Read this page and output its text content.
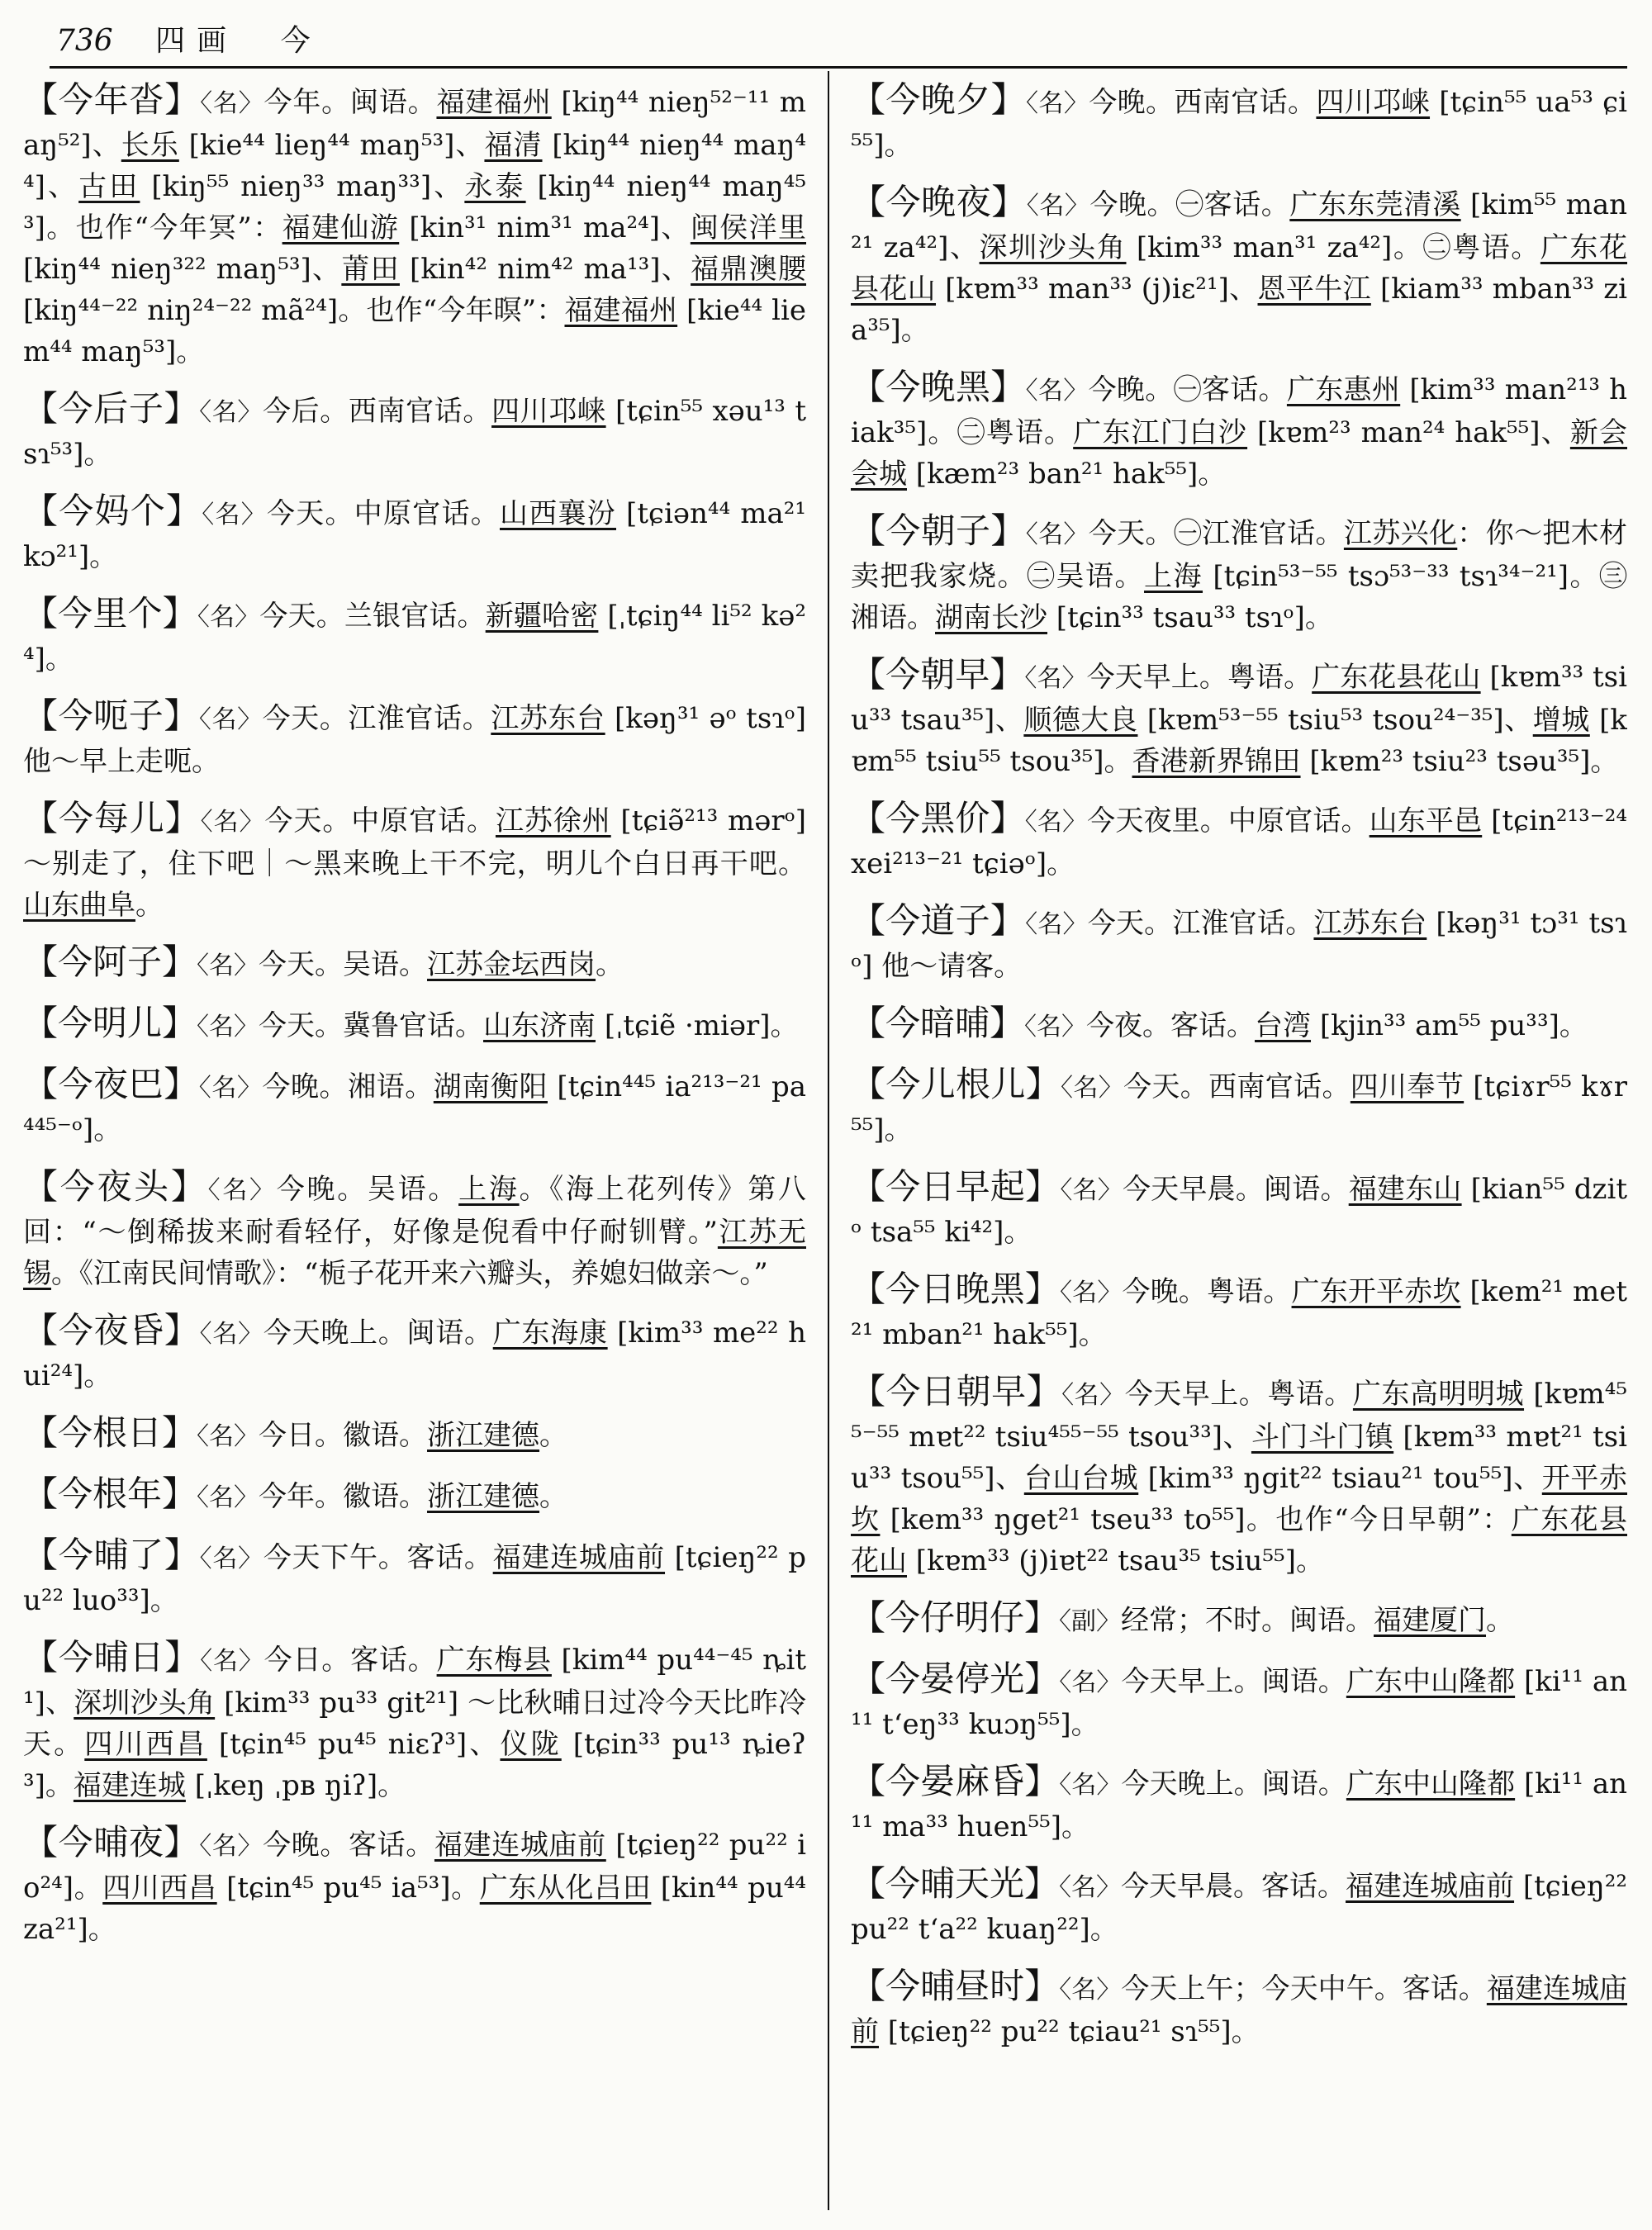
736 四画 今
【今年沓】〈名〉今年。闽语。福建福州 [kiŋ⁴⁴ nieŋ⁵²⁻¹¹ maŋ⁵²]、长乐 [kie⁴⁴ lieŋ⁴⁴ maŋ⁵³]、福清 [kiŋ⁴⁴ nieŋ⁴⁴ maŋ⁴⁴]、古田 [kiŋ⁵⁵ nieŋ³³ maŋ³³]、永泰 [kiŋ⁴⁴ nieŋ⁴⁴ maŋ⁴⁵³]。也作“今年冥”：福建仙游 [kin³¹ nim³¹ ma²⁴]、闽侯洋里 [kiŋ⁴⁴ nieŋ³²² maŋ⁵³]、莆田 [kin⁴² nim⁴² ma¹³]、福鼎澳腰 [kiŋ⁴⁴⁻²² niŋ²⁴⁻²² mã²⁴]。也作“今年暝”：福建福州 [kie⁴⁴ liem⁴⁴ maŋ⁵³]。
【今后子】〈名〉今后。西南官话。四川邛崃 [tɕin⁵⁵ xəu¹³ tsɿ⁵³]。
【今妈个】〈名〉今天。中原官话。山西襄汾 [tɕiən⁴⁴ ma²¹ kɔ²¹]。
【今里个】〈名〉今天。兰银官话。新疆哈密 [ˌtɕiŋ⁴⁴ li⁵² kə²⁴]。
【今呃子】〈名〉今天。江淮官话。江苏东台 [kəŋ³¹ əᵒ tsɿᵒ]他～早上走呃。
【今每儿】〈名〉今天。中原官话。江苏徐州 [tɕiə̃²¹³ mərᵒ] ～别走了，住下吧｜～黑来晚上干不完，明儿个白日再干吧。山东曲阜。
【今阿子】〈名〉今天。吴语。江苏金坛西岗。
【今明儿】〈名〉今天。冀鲁官话。山东济南 [ˌtɕiẽ ·miər]。
【今夜巴】〈名〉今晚。湘语。湖南衡阳 [tɕin⁴⁴⁵ ia²¹³⁻²¹ pa⁴⁴⁵⁻ᵒ]。
【今夜头】〈名〉今晚。吴语。上海。《海上花列传》第八回：“～倒稀拔来耐看轻仔，好像是倪看中仔耐钏臂。”江苏无锡。《江南民间情歌》：“栀子花开来六瓣头，养媳妇做亲～。”
【今夜昏】〈名〉今天晚上。闽语。广东海康 [kim³³ me²² hui²⁴]。
【今根日】〈名〉今日。徽语。浙江建德。
【今根年】〈名〉今年。徽语。浙江建德。
【今晡了】〈名〉今天下午。客话。福建连城庙前 [tɕieŋ²² pu²² luo³³]。
【今晡日】〈名〉今日。客话。广东梅县 [kim⁴⁴ pu⁴⁴⁻⁴⁵ ȵit¹]、深圳沙头角 [kim³³ pu³³ git²¹] ～比秋晡日过冷今天比昨冷天。四川西昌 [tɕin⁴⁵ pu⁴⁵ niɛʔ³]、仪陇 [tɕin³³ pu¹³ ȵieʔ³]。福建连城 [ˌkeŋ ˌpʙ ŋiʔ]。
【今晡夜】〈名〉今晚。客话。福建连城庙前 [tɕieŋ²² pu²² io²⁴]。四川西昌 [tɕin⁴⁵ pu⁴⁵ ia⁵³]。广东从化吕田 [kin⁴⁴ pu⁴⁴ za²¹]。
【今晚夕】〈名〉今晚。西南官话。四川邛崃 [tɕin⁵⁵ ua⁵³ ɕi⁵⁵]。
【今晚夜】〈名〉今晚。㊀客话。广东东莞清溪 [kim⁵⁵ man²¹ za⁴²]、深圳沙头角 [kim³³ man³¹ za⁴²]。㊁粤语。广东花县花山 [kɐm³³ man³³ (j)iɛ²¹]、恩平牛江 [kiam³³ mban³³ zia³⁵]。
【今晚黑】〈名〉今晚。㊀客话。广东惠州 [kim³³ man²¹³ hiak³⁵]。㊁粤语。广东江门白沙 [kɐm²³ man²⁴ hak⁵⁵]、新会会城 [kæm²³ ban²¹ hak⁵⁵]。
【今朝子】〈名〉今天。㊀江淮官话。江苏兴化：你～把木材卖把我家烧。㊁吴语。上海 [tɕin⁵³⁻⁵⁵ tsɔ⁵³⁻³³ tsɿ³⁴⁻²¹]。㊂湘语。湖南长沙 [tɕin³³ tsau³³ tsɿᵒ]。
【今朝早】〈名〉今天早上。粤语。广东花县花山 [kɐm³³ tsiu³³ tsau³⁵]、顺德大良 [kɐm⁵³⁻⁵⁵ tsiu⁵³ tsou²⁴⁻³⁵]、增城 [kɐm⁵⁵ tsiu⁵⁵ tsou³⁵]。香港新界锦田 [kɐm²³ tsiu²³ tsəu³⁵]。
【今黑价】〈名〉今天夜里。中原官话。山东平邑 [tɕin²¹³⁻²⁴ xei²¹³⁻²¹ tɕiəᵒ]。
【今道子】〈名〉今天。江淮官话。江苏东台 [kəŋ³¹ tɔ³¹ tsɿᵒ] 他～请客。
【今暗晡】〈名〉今夜。客话。台湾 [kjin³³ am⁵⁵ pu³³]。
【今儿根儿】〈名〉今天。西南官话。四川奉节 [tɕiɤr⁵⁵ kɤr⁵⁵]。
【今日早起】〈名〉今天早晨。闽语。福建东山 [kian⁵⁵ dzitᵒ tsa⁵⁵ ki⁴²]。
【今日晚黑】〈名〉今晚。粤语。广东开平赤坎 [kem²¹ met²¹ mban²¹ hak⁵⁵]。
【今日朝早】〈名〉今天早上。粤语。广东高明明城 [kɐm⁴⁵⁵⁻⁵⁵ mɐt²² tsiu⁴⁵⁵⁻⁵⁵ tsou³³]、斗门斗门镇 [kɐm³³ mɐt²¹ tsiu³³ tsou⁵⁵]、台山台城 [kim³³ ŋgit²² tsiau²¹ tou⁵⁵]、开平赤坎 [kem³³ ŋget²¹ tseu³³ to⁵⁵]。也作“今日早朝”：广东花县花山 [kɐm³³ (j)iɐt²² tsau³⁵ tsiu⁵⁵]。
【今仔明仔】〈副〉经常；不时。闽语。福建厦门。
【今晏停光】〈名〉今天早上。闽语。广东中山隆都 [ki¹¹ an¹¹ tʻeŋ³³ kuɔŋ⁵⁵]。
【今晏麻昏】〈名〉今天晚上。闽语。广东中山隆都 [ki¹¹ an¹¹ ma³³ huen⁵⁵]。
【今晡天光】〈名〉今天早晨。客话。福建连城庙前 [tɕieŋ²² pu²² tʻa²² kuaŋ²²]。
【今晡昼时】〈名〉今天上午；今天中午。客话。福建连城庙前 [tɕieŋ²² pu²² tɕiau²¹ sɿ⁵⁵]。
